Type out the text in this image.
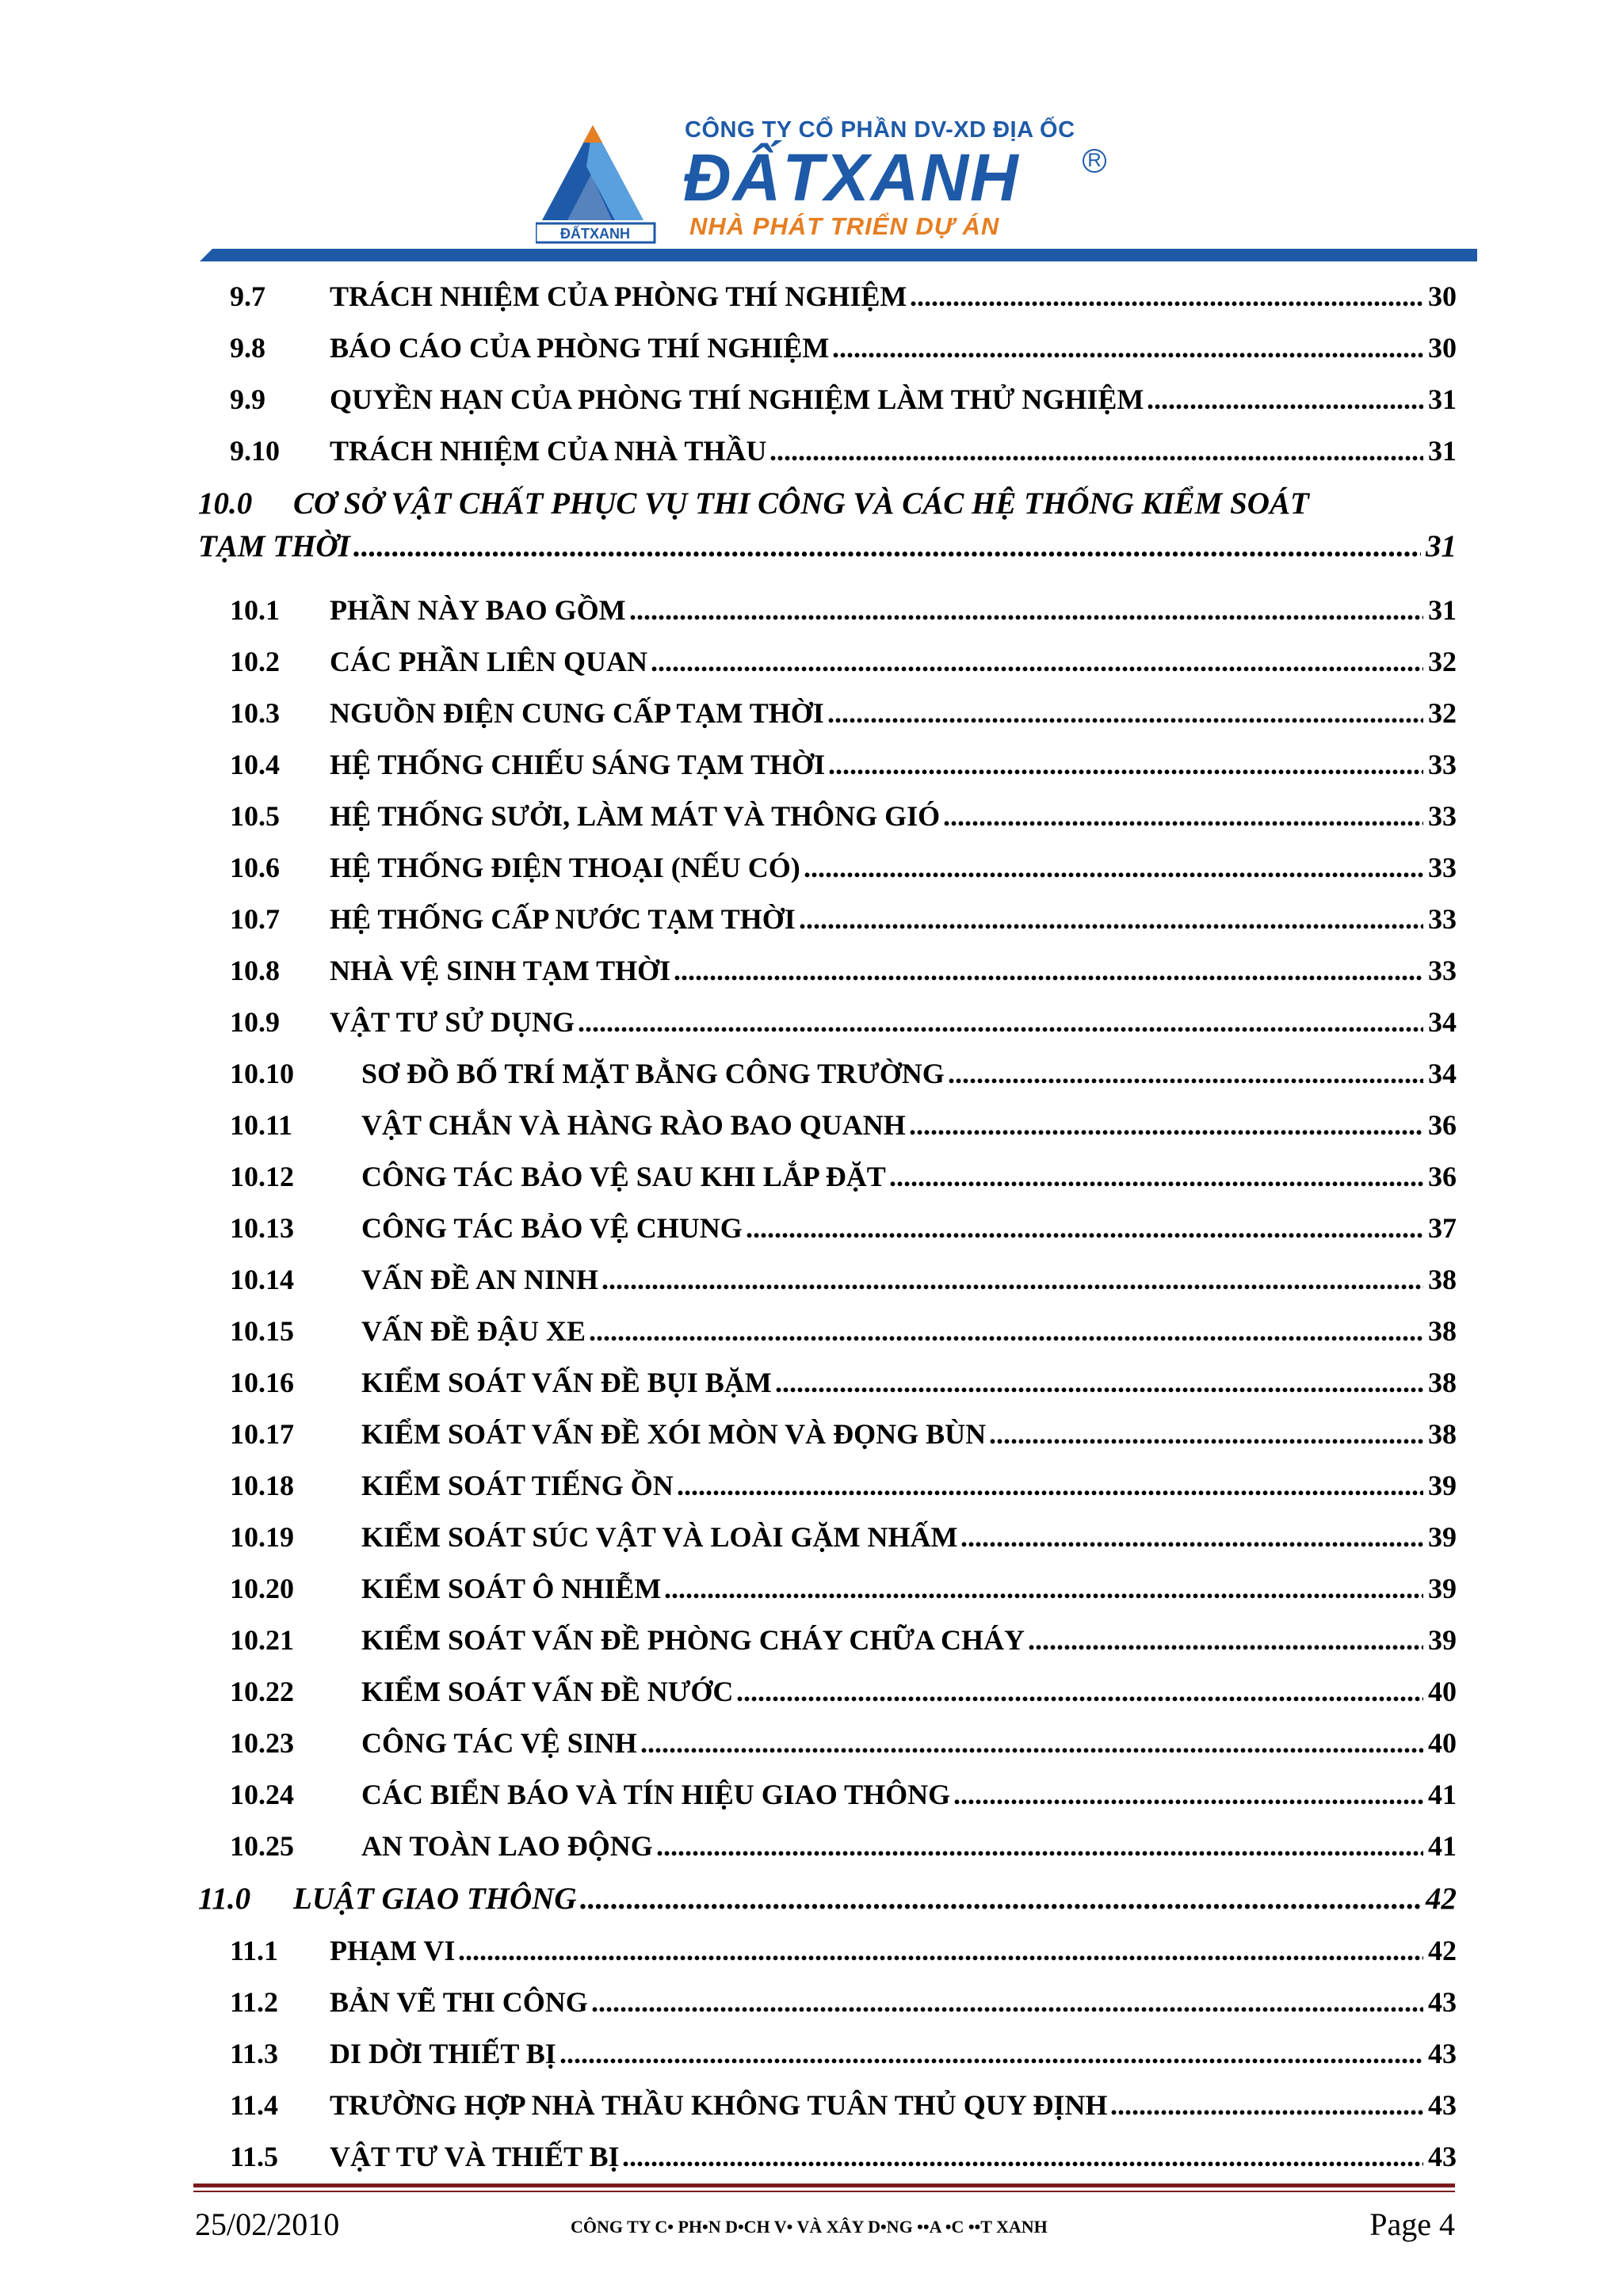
ĐẤTXANH
CÔNG TY CỔ PHẦN DV-XD ĐỊA ỐC
ĐẤTXANH	R
NHÀ PHÁT TRIỂN DỰ ÁN
9.7 TRÁCH NHIỆM CỦA PHÒNG THÍ NGHIỆM .....	30
9.8 BÁO CÁO CỦA PHÒNG THÍ NGHIỆM .....	30
9.9 QUYỀN HẠN CỦA PHÒNG THÍ NGHIỆM LÀM THỬ NGHIỆM .....	31
9.10 TRÁCH NHIỆM CỦA NHÀ THẦU .....	31
10.0 CƠ SỞ VẬT CHẤT PHỤC VỤ THI CÔNG VÀ CÁC HỆ THỐNG KIỂM SOÁT
TẠM THỜI .....	31
10.1 PHẦN NÀY BAO GỒM .....	31
10.2 CÁC PHẦN LIÊN QUAN .....	32
10.3 NGUỒN ĐIỆN CUNG CẤP TẠM THỜI .....	32
10.4 HỆ THỐNG CHIẾU SÁNG TẠM THỜI .....	33
10.5 HỆ THỐNG SƯỞI, LÀM MÁT VÀ THÔNG GIÓ .....	33
10.6 HỆ THỐNG ĐIỆN THOẠI (NẾU CÓ) .....	33
10.7 HỆ THỐNG CẤP NƯỚC TẠM THỜI .....	33
10.8 NHÀ VỆ SINH TẠM THỜI .....	33
10.9 VẬT TƯ SỬ DỤNG .....	34
10.10 SƠ ĐỒ BỐ TRÍ MẶT BẰNG CÔNG TRƯỜNG .....	34
10.11 VẬT CHẮN VÀ HÀNG RÀO BAO QUANH .....	36
10.12 CÔNG TÁC BẢO VỆ SAU KHI LẮP ĐẶT .....	36
10.13 CÔNG TÁC BẢO VỆ CHUNG .....	37
10.14 VẤN ĐỀ AN NINH .....	38
10.15 VẤN ĐỀ ĐẬU XE .....	38
10.16 KIỂM SOÁT VẤN ĐỀ BỤI BẶM .....	38
10.17 KIỂM SOÁT VẤN ĐỀ XÓI MÒN VÀ ĐỌNG BÙN .....	38
10.18 KIỂM SOÁT TIẾNG ỒN .....	39
10.19 KIỂM SOÁT SÚC VẬT VÀ LOÀI GẶM NHẤM .....	39
10.20 KIỂM SOÁT Ô NHIỄM .....	39
10.21 KIỂM SOÁT VẤN ĐỀ PHÒNG CHÁY CHỮA CHÁY .....	39
10.22 KIỂM SOÁT VẤN ĐỀ NƯỚC .....	40
10.23 CÔNG TÁC VỆ SINH .....	40
10.24 CÁC BIỂN BÁO VÀ TÍN HIỆU GIAO THÔNG .....	41
10.25 AN TOÀN LAO ĐỘNG .....	41
11.0 LUẬT GIAO THÔNG .....	42
11.1 PHẠM VI .....	42
11.2 BẢN VẼ THI CÔNG .....	43
11.3 DI DỜI THIẾT BỊ .....	43
11.4 TRƯỜNG HỢP NHÀ THẦU KHÔNG TUÂN THỦ QUY ĐỊNH .....	43
11.5 VẬT TƯ VÀ THIẾT BỊ .....	43
25/02/2010	CÔNG TY C• PH•N D•CH V• VÀ XÂY D•NG ••A •C ••T XANH	Page 4
